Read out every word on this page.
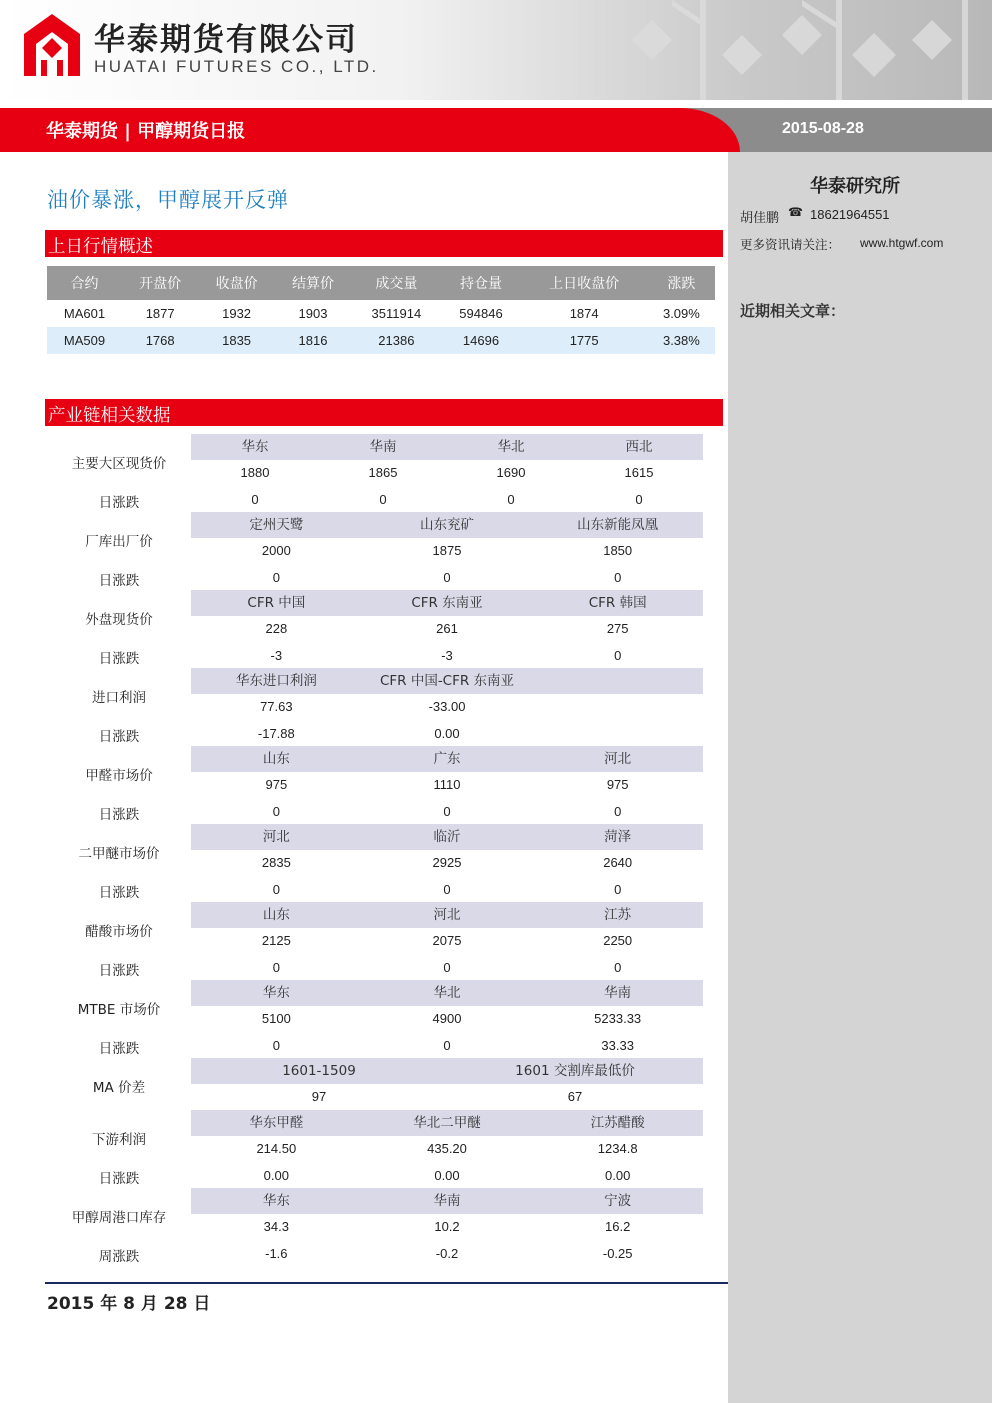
华泰期货有限公司
HUATAI FUTURES CO., LTD.
华泰期货 | 甲醇期货日报	2015-08-28
华泰研究所
胡佳鹏 ☎ 18621964551
更多资讯请关注： www.htgwf.com
近期相关文章：
油价暴涨，甲醇展开反弹
上日行情概述
合约	开盘价	收盘价	结算价	成交量	持仓量	上日收盘价	涨跌
MA601	1877	1932	1903	3511914	594846	1874	3.09%
MA509	1768	1835	1816	21386	14696	1775	3.38%
产业链相关数据
主要大区现货价
华东	华南	华北	西北
1880	1865	1690	1615
日涨跌	0	0	0	0
厂库出厂价
定州天鹭	山东兖矿	山东新能凤凰
2000	1875	1850
日涨跌	0	0	0
外盘现货价
CFR 中国	CFR 东南亚	CFR 韩国
228	261	275
日涨跌	-3	-3	0
进口利润
华东进口利润	CFR 中国-CFR 东南亚
77.63	-33.00
日涨跌	-17.88	0.00
甲醛市场价
山东	广东	河北
975	1110	975
日涨跌	0	0	0
二甲醚市场价
河北	临沂	菏泽
2835	2925	2640
日涨跌	0	0	0
醋酸市场价
山东	河北	江苏
2125	2075	2250
日涨跌	0	0	0
MTBE 市场价
华东	华北	华南
5100	4900	5233.33
日涨跌	0	0	33.33
MA 价差
1601-1509	1601 交割库最低价
97	67
下游利润
华东甲醛	华北二甲醚	江苏醋酸
214.50	435.20	1234.8
日涨跌	0.00	0.00	0.00
甲醇周港口库存
华东	华南	宁波
34.3	10.2	16.2
周涨跌	-1.6	-0.2	-0.25
2015 年 8 月 28 日
